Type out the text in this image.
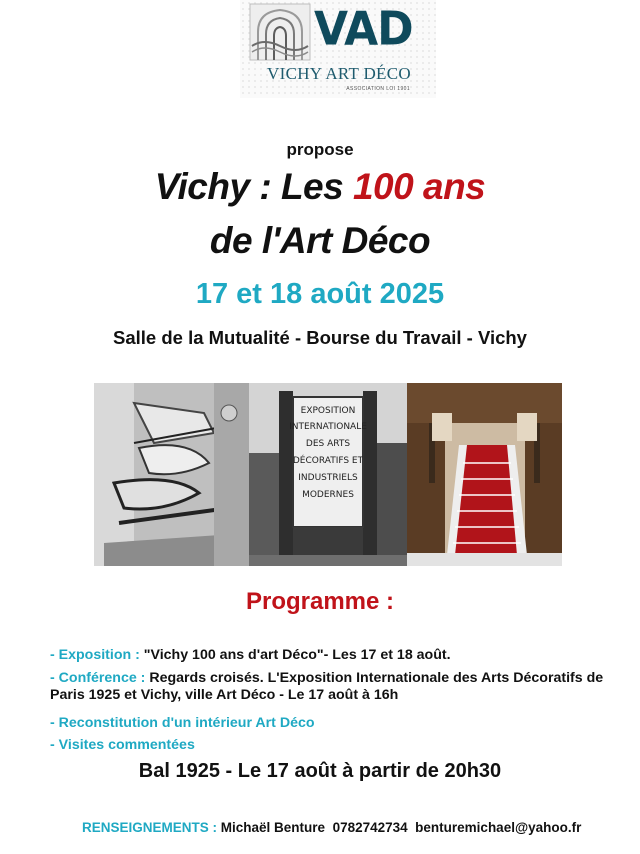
VAD
VICHY ART DÉCO
ASSOCIATION LOI 1901
propose
Vichy : Les 100 ans
de l'Art Déco
17 et 18 août 2025
Salle de la Mutualité - Bourse du Travail - Vichy
EXPOSITION
INTERNATIONALE
DES ARTS
DÉCORATIFS ET
INDUSTRIELS
MODERNES
Programme :
- Exposition : "Vichy 100 ans d'art Déco"- Les 17 et 18 août.
- Conférence : Regards croisés. L'Exposition Internationale des Arts Décoratifs de Paris 1925 et Vichy, ville Art Déco - Le 17 août à 16h
- Reconstitution d'un intérieur Art Déco
- Visites commentées
Bal 1925 - Le 17 août à partir de 20h30
RENSEIGNEMENTS : Michaël Benture 0782742734 benturemichael@yahoo.fr
